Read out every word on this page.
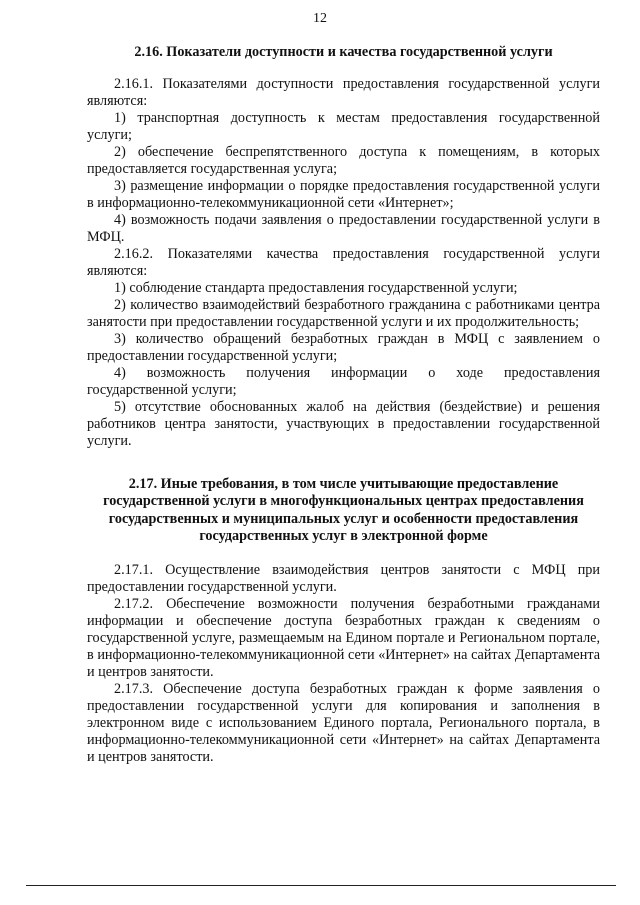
12
2.16. Показатели доступности и качества государственной услуги

2.16.1. Показателями доступности предоставления государственной услуги являются:

1) транспортная доступность к местам предоставления государственной услуги;

2) обеспечение беспрепятственного доступа к помещениям, в которых предоставляется государственная услуга;

3) размещение информации о порядке предоставления государственной услуги в информационно-телекоммуникационной сети «Интернет»;

4) возможность подачи заявления о предоставлении государственной услуги в МФЦ.

2.16.2. Показателями качества предоставления государственной услуги являются:

1) соблюдение стандарта предоставления государственной услуги;

2) количество взаимодействий безработного гражданина с работниками центра занятости при предоставлении государственной услуги и их продолжительность;

3) количество обращений безработных граждан в МФЦ с заявлением о предоставлении государственной услуги;

4) возможность получения информации о ходе предоставления государственной услуги;

5) отсутствие обоснованных жалоб на действия (бездействие) и решения работников центра занятости, участвующих в предоставлении государственной услуги.

2.17. Иные требования, в том числе учитывающие предоставление
государственной услуги в многофункциональных центрах предоставления
государственных и муниципальных услуг и особенности предоставления
государственных услуг в электронной форме

2.17.1. Осуществление взаимодействия центров занятости с МФЦ при предоставлении государственной услуги.

2.17.2. Обеспечение возможности получения безработными гражданами информации и обеспечение доступа безработных граждан к сведениям о государственной услуге, размещаемым на Едином портале и Региональном портале, в информационно-телекоммуникационной сети «Интернет» на сайтах Департамента и центров занятости.

2.17.3. Обеспечение доступа безработных граждан к форме заявления о предоставлении государственной услуги для копирования и заполнения в электронном виде с использованием Единого портала, Регионального портала, в информационно-телекоммуникационной сети «Интернет» на сайтах Департамента и центров занятости.
